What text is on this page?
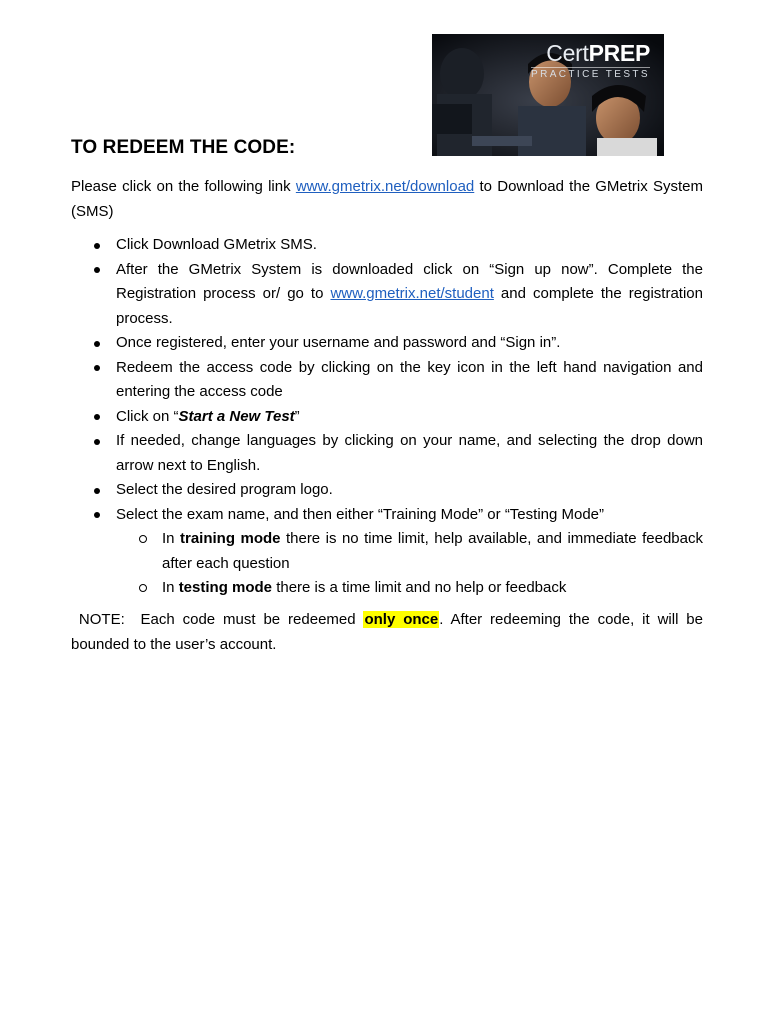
CertPREP
PRACTICE TESTS
TO REDEEM THE CODE:
Please click on the following link www.gmetrix.net/download to Download the GMetrix System (SMS)
Click Download GMetrix SMS.
After the GMetrix System is downloaded click on “Sign up now”. Complete the Registration process or/ go to www.gmetrix.net/student and complete the registration process.
Once registered, enter your username and password and “Sign in”.
Redeem the access code by clicking on the key icon in the left hand navigation and entering the access code
Click on “Start a New Test”
If needed, change languages by clicking on your name, and selecting the drop down arrow next to English.
Select the desired program logo.
Select the exam name, and then either “Training Mode” or “Testing Mode”
In training mode there is no time limit, help available, and immediate feedback after each question
In testing mode there is a time limit and no help or feedback
NOTE:  Each code must be redeemed only once. After redeeming the code, it will be bounded to the user’s account.
